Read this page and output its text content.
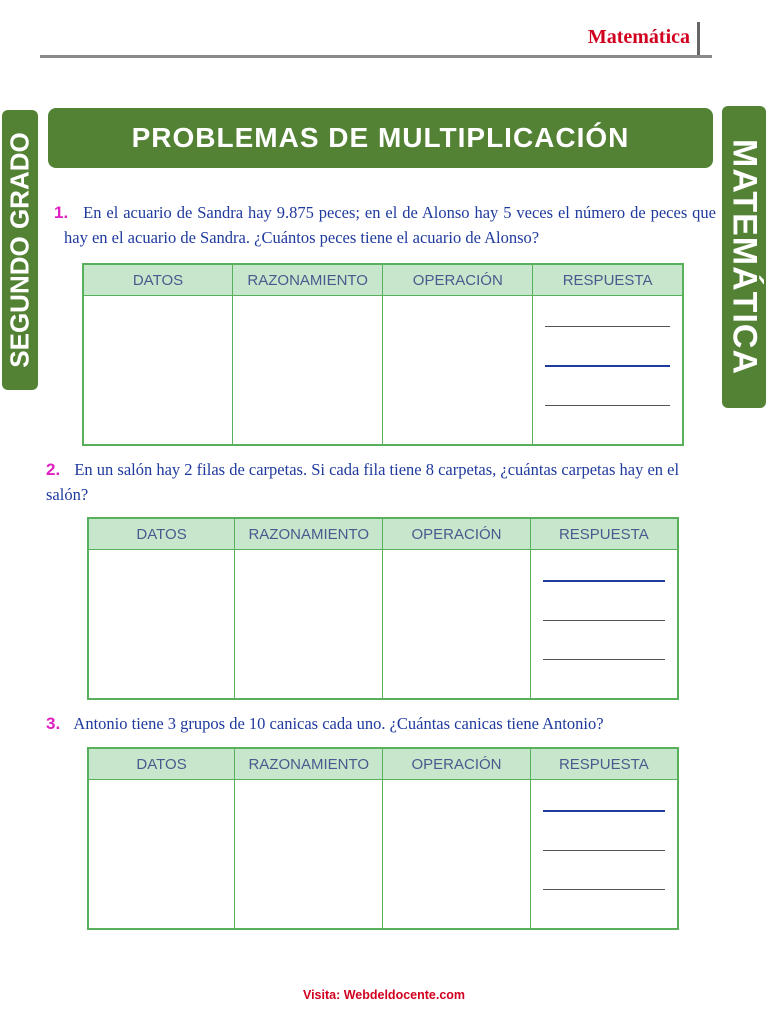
Matemática
PROBLEMAS DE MULTIPLICACIÓN
SEGUNDO GRADO	MATEMÁTICA
1. En el acuario de Sandra hay 9.875 peces; en el de Alonso hay 5 veces el número de peces que hay en el acuario de Sandra. ¿Cuántos peces tiene el acuario de Alonso?
DATOS	RAZONAMIENTO	OPERACIÓN	RESPUESTA

2. En un salón hay 2 filas de carpetas. Si cada fila tiene 8 carpetas, ¿cuántas carpetas hay en el salón?
DATOS	RAZONAMIENTO	OPERACIÓN	RESPUESTA

3. Antonio tiene 3 grupos de 10 canicas cada uno. ¿Cuántas canicas tiene Antonio?
DATOS	RAZONAMIENTO	OPERACIÓN	RESPUESTA

Visita: Webdeldocente.com
